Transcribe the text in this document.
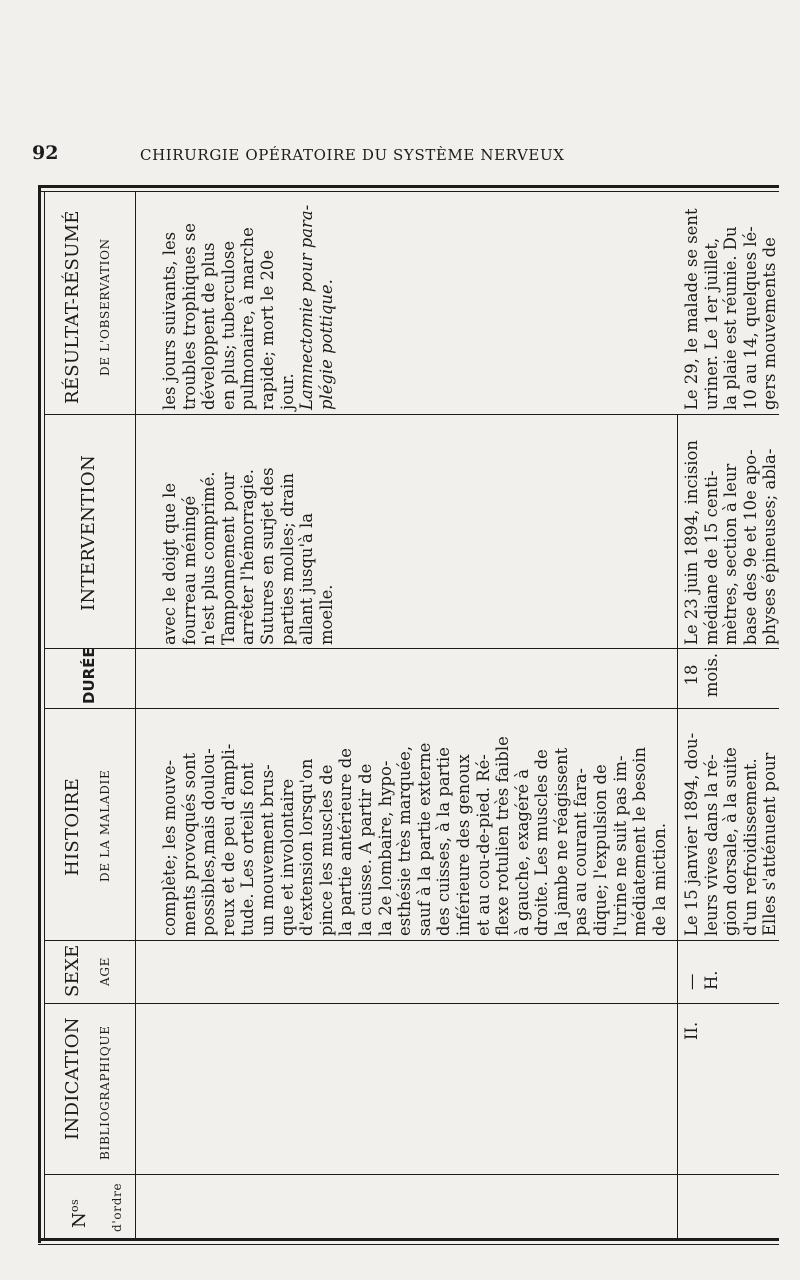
92	CHIRURGIE OPÉRATOIRE DU SYSTÈME NERVEUX
$N^{os}$	d'ordre
INDICATION BIBLIOGRAPHIQUE
SEXE AGE
HISTOIRE DE LA MALADIE
DURÉE
INTERVENTION
RÉSULTAT-RÉSUMÉ DE L'OBSERVATION
complète; les mouve- ments provoqués sont possibles,mais doulou- reux et de peu d'ampli- tude. Les orteils font un mouvement brus- que et involontaire d'extension lorsqu'on pince les muscles de la partie antérieure de la cuisse. A partir de la 2e lombaire, hypo- esthésie très marquée, sauf à la partie externe des cuisses, à la partie inférieure des genoux et au cou-de-pied. Ré- flexe rotulien très faible à gauche, exagéré à droite. Les muscles de la jambe ne réagissent pas au courant fara- dique; l'expulsion de l'urine ne suit pas im- médiatement le besoin de la miction.
avec le doigt que le fourreau méningé n'est plus comprimé. Tamponnement pour arrêter l'hémorragie. Sutures en surjet des parties molles; drain allant jusqu'à la moelle.
les jours suivants, les troubles trophiques se développent de plus en plus; tuberculose pulmonaire, à marche rapide; mort le 20e jour. Lamnectomie pour para- plégie pottique.
II.
— H.
Le 15 janvier 1894, dou- leurs vives dans la ré- gion dorsale, à la suite d'un refroidissement. Elles s'atténuent pour
18 mois.
Le 23 juin 1894, incision médiane de 15 centi- mètres, section à leur base des 9e et 10e apo- physes épineuses; abla-
Le 29, le malade se sent uriner. Le 1er juillet, la plaie est réunie. Du 10 au 14, quelques lé- gers mouvements de
